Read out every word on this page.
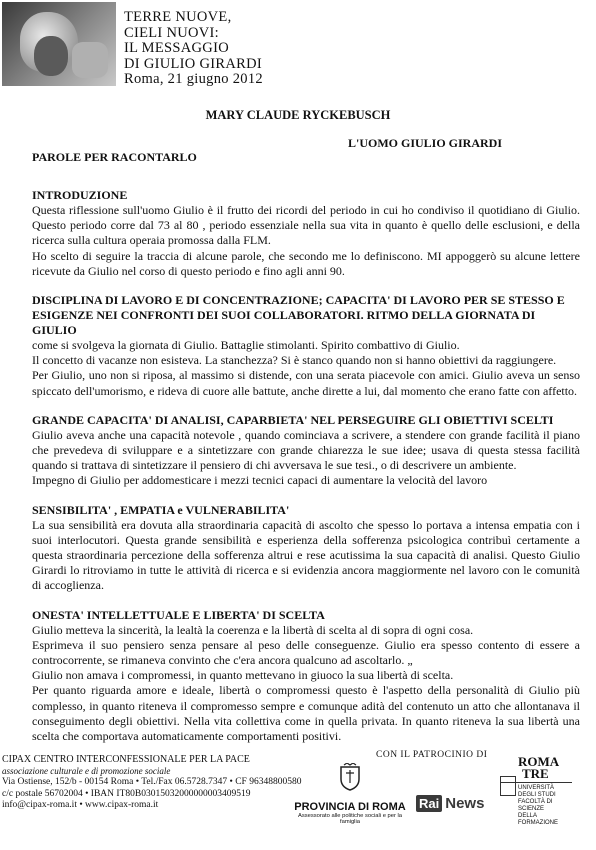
TERRE NUOVE,
CIELI NUOVI:
IL MESSAGGIO
DI GIULIO GIRARDI
Roma, 21 giugno 2012
MARY CLAUDE RYCKEBUSCH
L'UOMO GIULIO GIRARDI
PAROLE PER RACONTARLO
INTRODUZIONE

Questa riflessione sull'uomo Giulio è il frutto dei ricordi del periodo in cui ho condiviso il quotidiano di Giulio. Questo periodo corre dal 73 al 80 , periodo essenziale nella sua vita in quanto è quello delle esclusioni, e della ricerca sulla cultura operaia promossa dalla FLM.

Ho scelto di seguire la traccia di alcune parole, che secondo me lo definiscono. MI appoggerò su alcune lettere ricevute da Giulio nel corso di questo periodo e fino agli anni 90.

DISCIPLINA DI LAVORO E DI CONCENTRAZIONE; CAPACITA' DI LAVORO PER SE STESSO E ESIGENZE NEI CONFRONTI DEI SUOI COLLABORATORI. RITMO DELLA GIORNATA DI GIULIO

come si svolgeva la giornata di Giulio. Battaglie stimolanti. Spirito combattivo di Giulio.

Il concetto di vacanze non esisteva. La stanchezza? Si è stanco quando non si hanno obiettivi da raggiungere.

Per Giulio, uno non si riposa, al massimo si distende, con una serata piacevole con amici. Giulio aveva un senso spiccato dell'umorismo, e rideva di cuore alle battute, anche dirette a lui, dal momento che erano fatte con affetto.

GRANDE CAPACITA' DI ANALISI, CAPARBIETA' NEL PERSEGUIRE GLI OBIETTIVI SCELTI

Giulio aveva anche una capacità notevole , quando cominciava a scrivere, a stendere con grande facilità il piano che prevedeva di sviluppare e a sintetizzare con grande chiarezza le sue idee; usava di questa stessa facilità quando si trattava di sintetizzare il pensiero di chi avversava le sue tesi., o di descrivere un ambiente.

Impegno di Giulio per addomesticare i mezzi tecnici capaci di aumentare la velocità del lavoro

SENSIBILITA' , EMPATIA e VULNERABILITA'

La sua sensibilità era dovuta alla straordinaria capacità di ascolto che spesso lo portava a intensa empatia con i suoi interlocutori. Questa grande sensibilità e esperienza della sofferenza psicologica contribuì certamente a questa straordinaria percezione della sofferenza altrui e rese acutissima la sua capacità di analisi. Questo Giulio Girardi lo ritroviamo in tutte le attività di ricerca e si evidenzia ancora maggiormente nel lavoro con le comunità di accoglienza.

ONESTA' INTELLETTUALE E LIBERTA' DI SCELTA

Giulio metteva la sincerità, la lealtà la coerenza e la libertà di scelta al di sopra di ogni cosa.

Esprimeva il suo pensiero senza pensare al peso delle conseguenze. Giulio era spesso contento di essere a controcorrente, se rimaneva convinto che c'era ancora qualcuno ad ascoltarlo. „

Giulio non amava i compromessi, in quanto mettevano in giuoco la sua libertà di scelta.

Per quanto riguarda amore e ideale, libertà o compromessi questo è l'aspetto della personalità di Giulio più complesso, in quanto riteneva il compromesso sempre e comunque adità del contenuto un atto che allontanava il conseguimento degli obiettivi. Nella vita collettiva come in quella privata. In quanto riteneva la sua libertà una scelta che comportava automaticamente comportamenti positivi.

CIPAX CENTRO INTERCONFESSIONALE PER LA PACE
associazione culturale e di promozione sociale
Via Ostiense, 152/b - 00154 Roma • Tel./Fax 06.5728.7347 • CF 96348800580
c/c postale 56702004 • IBAN IT80B03015032000000003409519
info@cipax-roma.it • www.cipax-roma.it
CON IL PATROCINIO DI
PROVINCIA DI ROMA
Assessorato alle politiche sociali e per la famiglia
Rai News
ROMA
TRE
UNIVERSITÀ DEGLI STUDI
FACOLTÀ DI SCIENZE
DELLA FORMAZIONE
